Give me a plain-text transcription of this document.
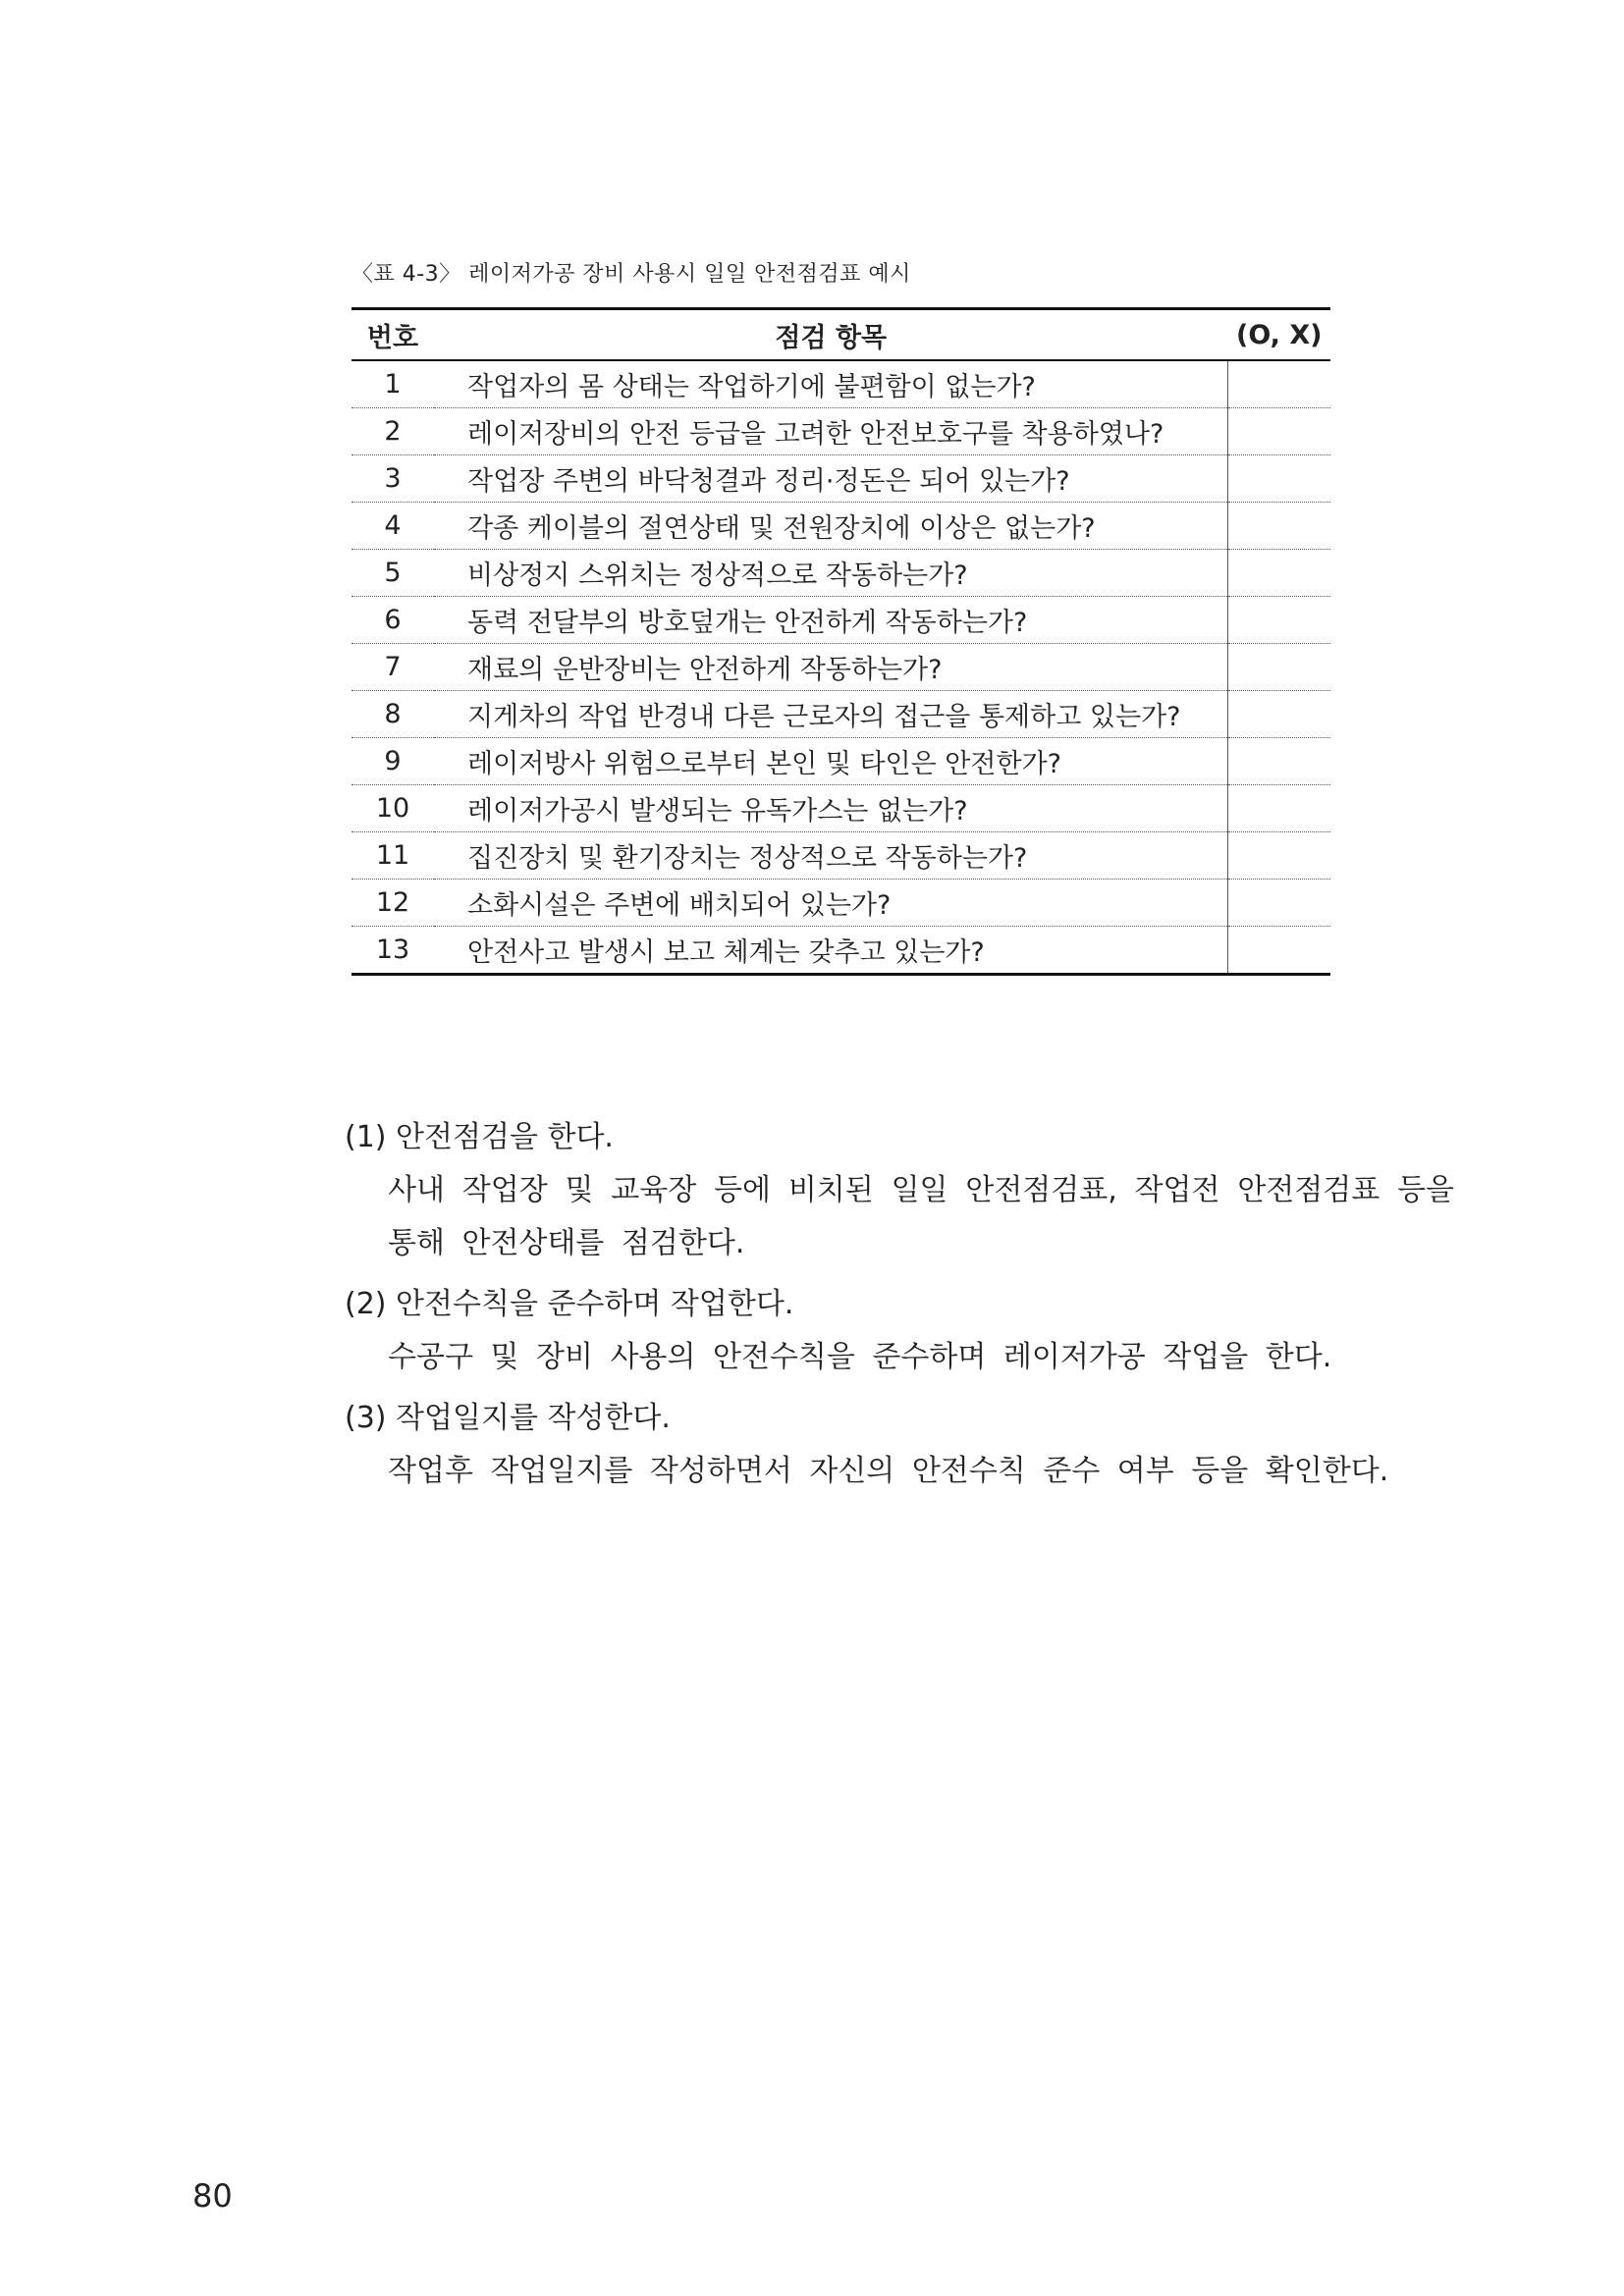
〈표 4-3〉 레이저가공 장비 사용시 일일 안전점검표 예시
번호	점검 항목	(O, X)
1	작업자의 몸 상태는 작업하기에 불편함이 없는가?	
2	레이저장비의 안전 등급을 고려한 안전보호구를 착용하였나?	
3	작업장 주변의 바닥청결과 정리·정돈은 되어 있는가?	
4	각종 케이블의 절연상태 및 전원장치에 이상은 없는가?	
5	비상정지 스위치는 정상적으로 작동하는가?	
6	동력 전달부의 방호덮개는 안전하게 작동하는가?	
7	재료의 운반장비는 안전하게 작동하는가?	
8	지게차의 작업 반경내 다른 근로자의 접근을 통제하고 있는가?	
9	레이저방사 위험으로부터 본인 및 타인은 안전한가?	
10	레이저가공시 발생되는 유독가스는 없는가?	
11	집진장치 및 환기장치는 정상적으로 작동하는가?	
12	소화시설은 주변에 배치되어 있는가?	
13	안전사고 발생시 보고 체계는 갖추고 있는가?	
(1) 안전점검을 한다.
사내 작업장 및 교육장 등에 비치된 일일 안전점검표, 작업전 안전점검표 등을 통해 안전상태를 점검한다.
(2) 안전수칙을 준수하며 작업한다.
수공구 및 장비 사용의 안전수칙을 준수하며 레이저가공 작업을 한다.
(3) 작업일지를 작성한다.
작업후 작업일지를 작성하면서 자신의 안전수칙 준수 여부 등을 확인한다.
80
